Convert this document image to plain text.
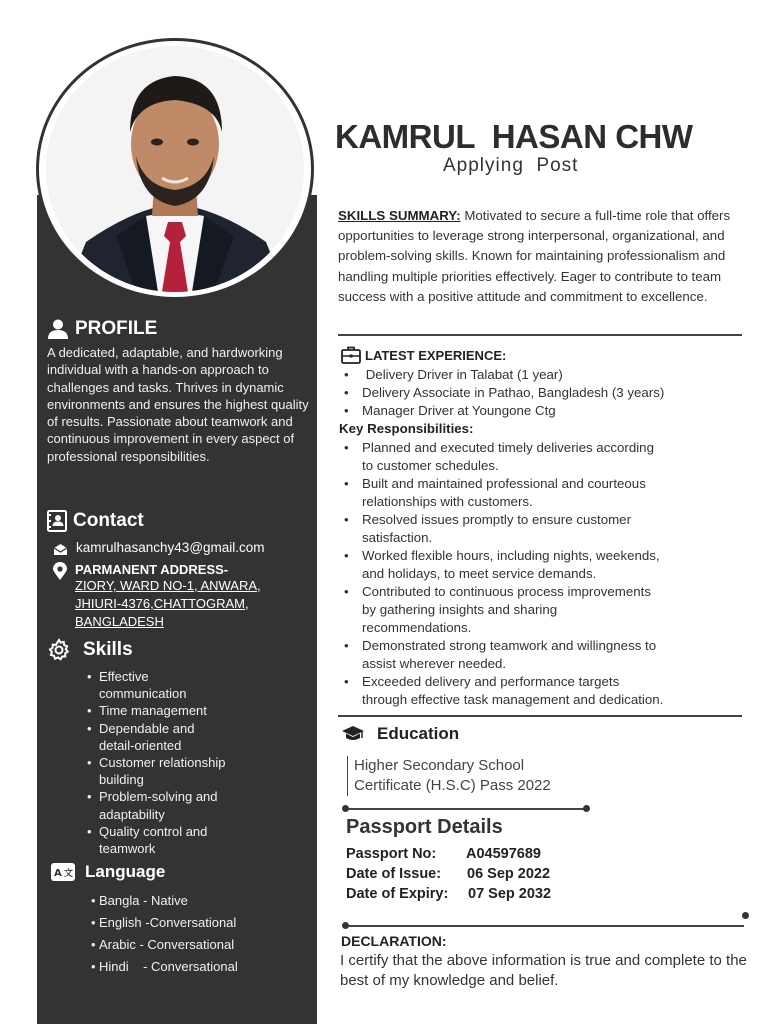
PROFILE

A dedicated, adaptable, and hardworking individual with a hands-on approach to challenges and tasks. Thrives in dynamic environments and ensures the highest quality of results. Passionate about teamwork and continuous improvement in every aspect of professional responsibilities.

Contact
kamrulhasanchy43@gmail.com
PARMANENT ADDRESS-
ZIORY, WARD NO-1, ANWARA,
JHIURI-4376,CHATTOGRAM,
BANGLADESH
Skills
• Effective
communication
• Time management
• Dependable and
detail-oriented
• Customer relationship
building
• Problem-solving and
adaptability
• Quality control and
teamwork
A 文 Language
• Bangla - Native
• English -Conversational
• Arabic - Conversational
• Hindi    - Conversational
KAMRUL  HASAN CHW
Applying  Post
SKILLS SUMMARY: Motivated to secure a full-time role that offers opportunities to leverage strong interpersonal, organizational, and problem-solving skills. Known for maintaining professionalism and handling multiple priorities effectively. Eager to contribute to team success with a positive attitude and commitment to excellence.
LATEST EXPERIENCE:
•  Delivery Driver in Talabat (1 year)
• Delivery Associate in Pathao, Bangladesh (3 years)
• Manager Driver at Youngone Ctg
Key Responsibilities:
• Planned and executed timely deliveries according
to customer schedules.
• Built and maintained professional and courteous
relationships with customers.
• Resolved issues promptly to ensure customer
satisfaction.
• Worked flexible hours, including nights, weekends,
and holidays, to meet service demands.
• Contributed to continuous process improvements
by gathering insights and sharing
recommendations.
• Demonstrated strong teamwork and willingness to
assist wherever needed.
• Exceeded delivery and performance targets
through effective task management and dedication.
Education
Higher Secondary School
Certificate (H.S.C) Pass 2022
Passport Details
Passport No: A04597689
Date of Issue: 06 Sep 2022
Date of Expiry: 07 Sep 2032
DECLARATION:
I certify that the above information is true and complete to the best of my knowledge and belief.
